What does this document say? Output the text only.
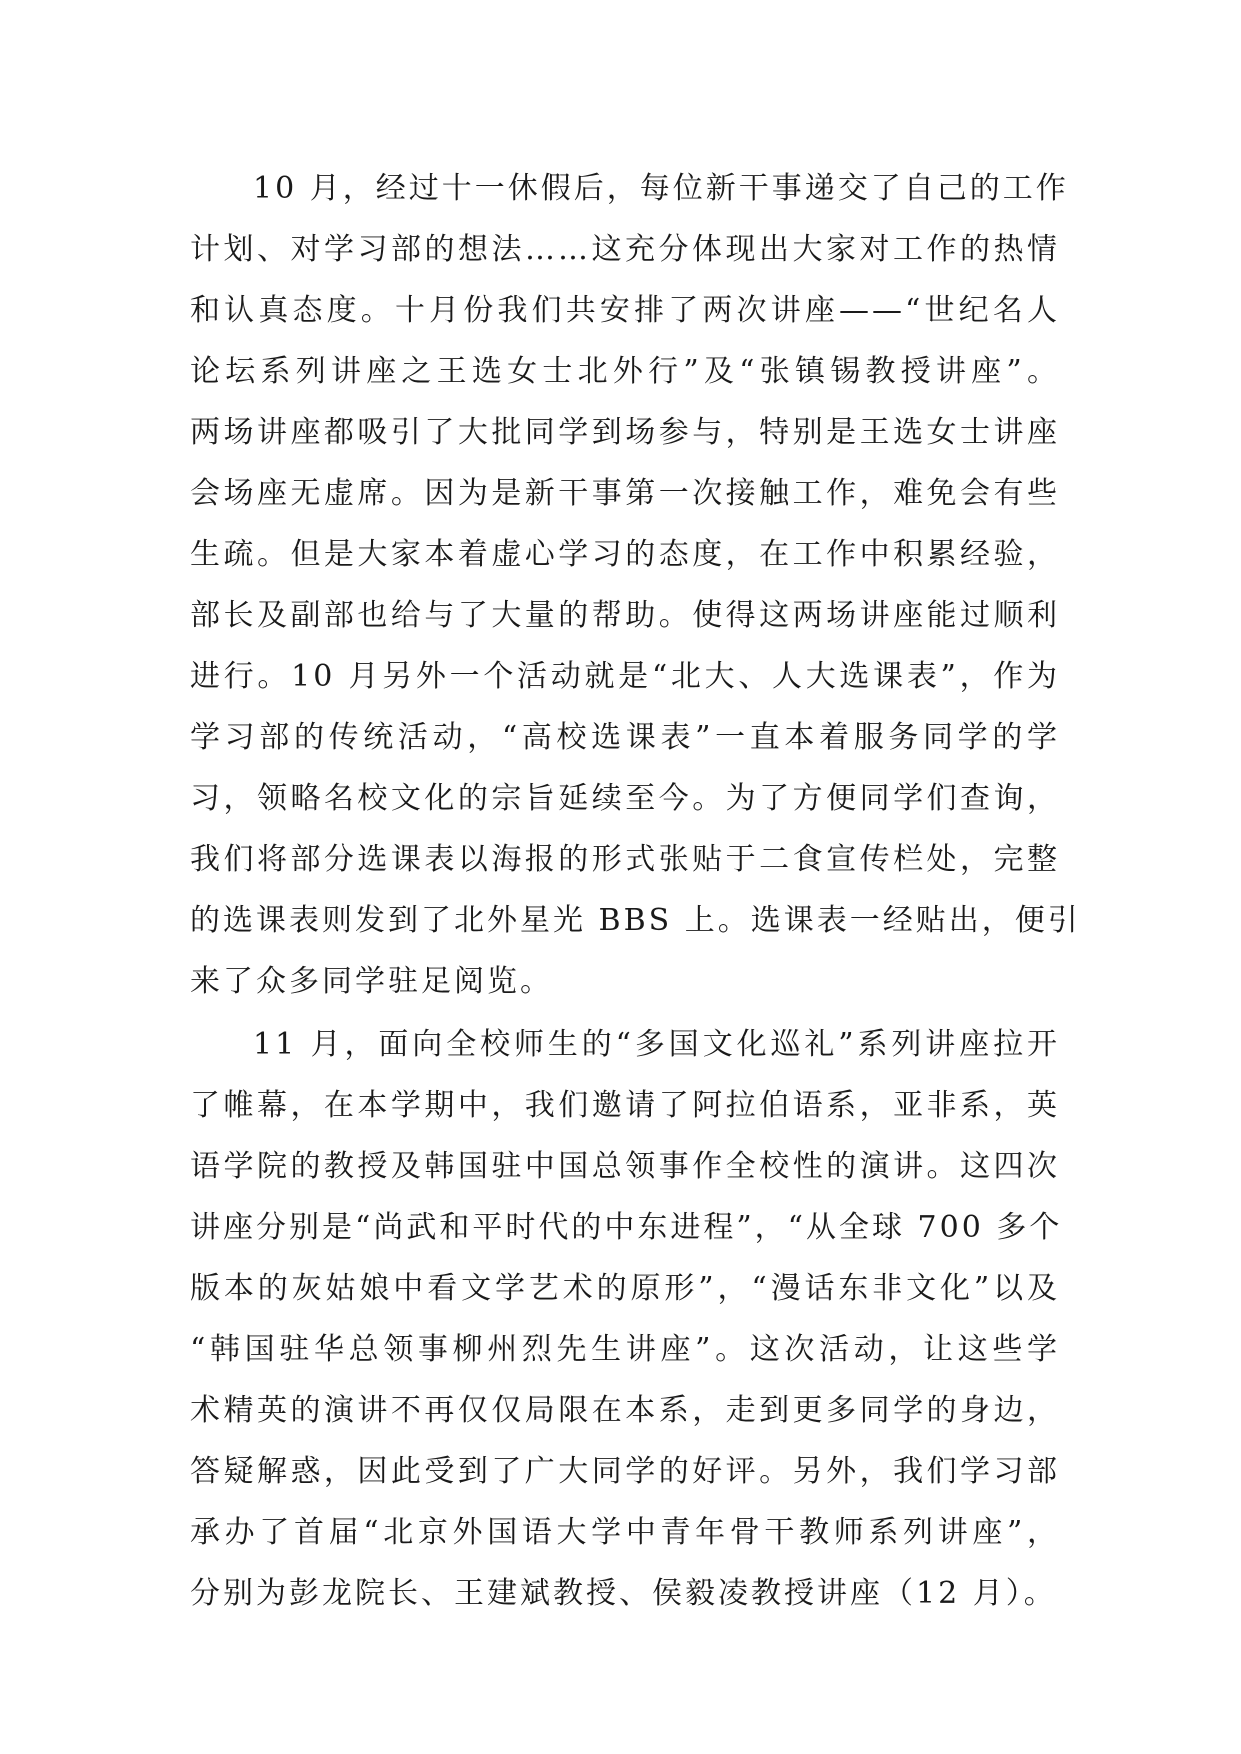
10 月，经过十一休假后，每位新干事递交了自己的工作
计划、对学习部的想法……这充分体现出大家对工作的热情
和认真态度。十月份我们共安排了两次讲座——“世纪名人
论坛系列讲座之王选女士北外行”及“张镇锡教授讲座”。
两场讲座都吸引了大批同学到场参与，特别是王选女士讲座
会场座无虚席。因为是新干事第一次接触工作，难免会有些
生疏。但是大家本着虚心学习的态度，在工作中积累经验，
部长及副部也给与了大量的帮助。使得这两场讲座能过顺利
进行。10 月另外一个活动就是“北大、人大选课表”，作为
学习部的传统活动，“高校选课表”一直本着服务同学的学
习，领略名校文化的宗旨延续至今。为了方便同学们查询，
我们将部分选课表以海报的形式张贴于二食宣传栏处，完整
的选课表则发到了北外星光 BBS 上。选课表一经贴出，便引
来了众多同学驻足阅览。
11 月，面向全校师生的“多国文化巡礼”系列讲座拉开
了帷幕，在本学期中，我们邀请了阿拉伯语系，亚非系，英
语学院的教授及韩国驻中国总领事作全校性的演讲。这四次
讲座分别是“尚武和平时代的中东进程”，“从全球 700 多个
版本的灰姑娘中看文学艺术的原形”，“漫话东非文化”以及
“韩国驻华总领事柳州烈先生讲座”。这次活动，让这些学
术精英的演讲不再仅仅局限在本系，走到更多同学的身边，
答疑解惑，因此受到了广大同学的好评。另外，我们学习部
承办了首届“北京外国语大学中青年骨干教师系列讲座”，
分别为彭龙院长、王建斌教授、侯毅凌教授讲座（12 月）。
